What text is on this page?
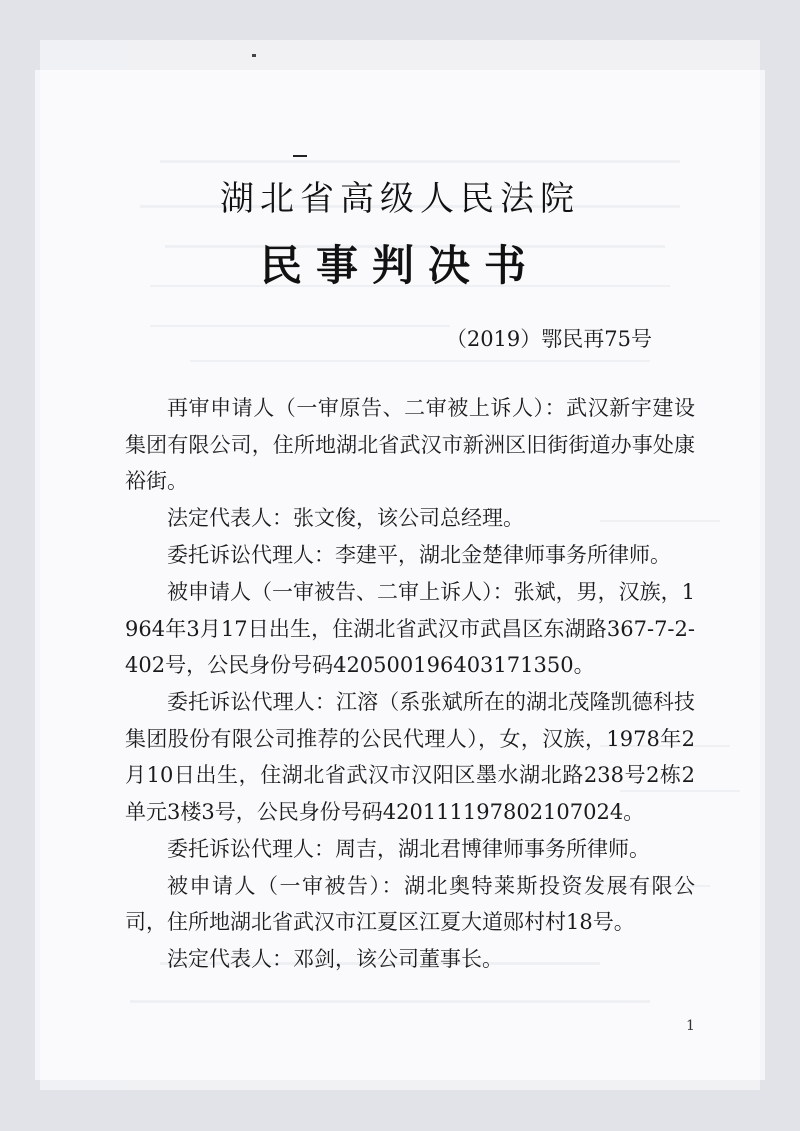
湖北省高级人民法院
民事判决书
（2019）鄂民再75号

再审申请人（一审原告、二审被上诉人）：武汉新宇建设集团有限公司，住所地湖北省武汉市新洲区旧街街道办事处康裕街。

法定代表人：张文俊，该公司总经理。

委托诉讼代理人：李建平，湖北金楚律师事务所律师。

被申请人（一审被告、二审上诉人）：张斌，男，汉族，1964年3月17日出生，住湖北省武汉市武昌区东湖路367-7-2-402号，公民身份号码420500196403171350。

委托诉讼代理人：江溶（系张斌所在的湖北茂隆凯德科技集团股份有限公司推荐的公民代理人），女，汉族，1978年2月10日出生，住湖北省武汉市汉阳区墨水湖北路238号2栋2单元3楼3号，公民身份号码420111197802107024。

委托诉讼代理人：周吉，湖北君博律师事务所律师。

被申请人（一审被告）：湖北奥特莱斯投资发展有限公司，住所地湖北省武汉市江夏区江夏大道郧村村18号。

法定代表人：邓剑，该公司董事长。

1
